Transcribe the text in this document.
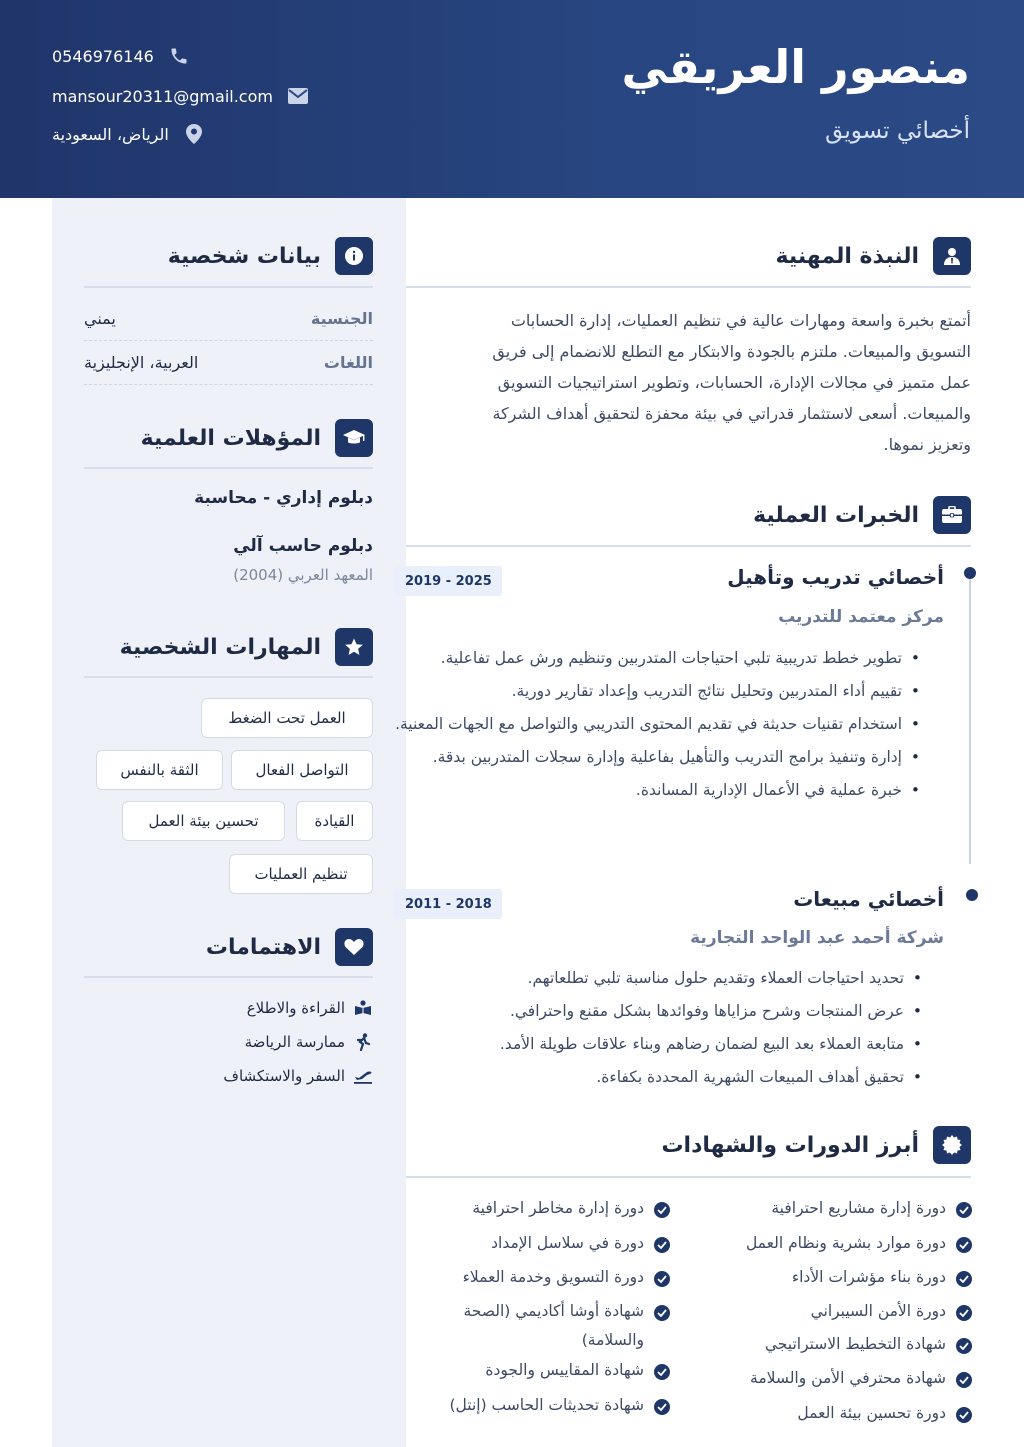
منصور العريقي
أخصائي تسويق
0546976146
mansour20311@gmail.com
الرياض، السعودية
بيانات شخصية
الجنسية
يمني
اللغات
العربية، الإنجليزية
المؤهلات العلمية
دبلوم إداري - محاسبة
دبلوم حاسب آلي
المعهد العربي (2004)
المهارات الشخصية
العمل تحت الضغط
التواصل الفعال
الثقة بالنفس
القيادة
تحسين بيئة العمل
تنظيم العمليات
الاهتمامات
القراءة والاطلاع
ممارسة الرياضة
السفر والاستكشاف
النبذة المهنية
أتمتع بخبرة واسعة ومهارات عالية في تنظيم العمليات، إدارة الحسابات
التسويق والمبيعات. ملتزم بالجودة والابتكار مع التطلع للانضمام إلى فريق
عمل متميز في مجالات الإدارة، الحسابات، وتطوير استراتيجيات التسويق
والمبيعات. أسعى لاستثمار قدراتي في بيئة محفزة لتحقيق أهداف الشركة
وتعزيز نموها.
الخبرات العملية
أخصائي تدريب وتأهيل
2019 - 2025
مركز معتمد للتدريب
• تطوير خطط تدريبية تلبي احتياجات المتدربين وتنظيم ورش عمل تفاعلية.
• تقييم أداء المتدربين وتحليل نتائج التدريب وإعداد تقارير دورية.
• استخدام تقنيات حديثة في تقديم المحتوى التدريبي والتواصل مع الجهات المعنية.
• إدارة وتنفيذ برامج التدريب والتأهيل بفاعلية وإدارة سجلات المتدربين بدقة.
• خبرة عملية في الأعمال الإدارية المساندة.
أخصائي مبيعات
2011 - 2018
شركة أحمد عبد الواحد التجارية
• تحديد احتياجات العملاء وتقديم حلول مناسبة تلبي تطلعاتهم.
• عرض المنتجات وشرح مزاياها وفوائدها بشكل مقنع واحترافي.
• متابعة العملاء بعد البيع لضمان رضاهم وبناء علاقات طويلة الأمد.
• تحقيق أهداف المبيعات الشهرية المحددة بكفاءة.
أبرز الدورات والشهادات
دورة إدارة مشاريع احترافية
دورة موارد بشرية ونظام العمل
دورة بناء مؤشرات الأداء
دورة الأمن السيبراني
شهادة التخطيط الاستراتيجي
شهادة محترفي الأمن والسلامة
دورة تحسين بيئة العمل
دورة إدارة مخاطر احترافية
دورة في سلاسل الإمداد
دورة التسويق وخدمة العملاء
شهادة أوشا أكاديمي (الصحة والسلامة)
شهادة المقاييس والجودة
شهادة تحديثات الحاسب (إنتل)
